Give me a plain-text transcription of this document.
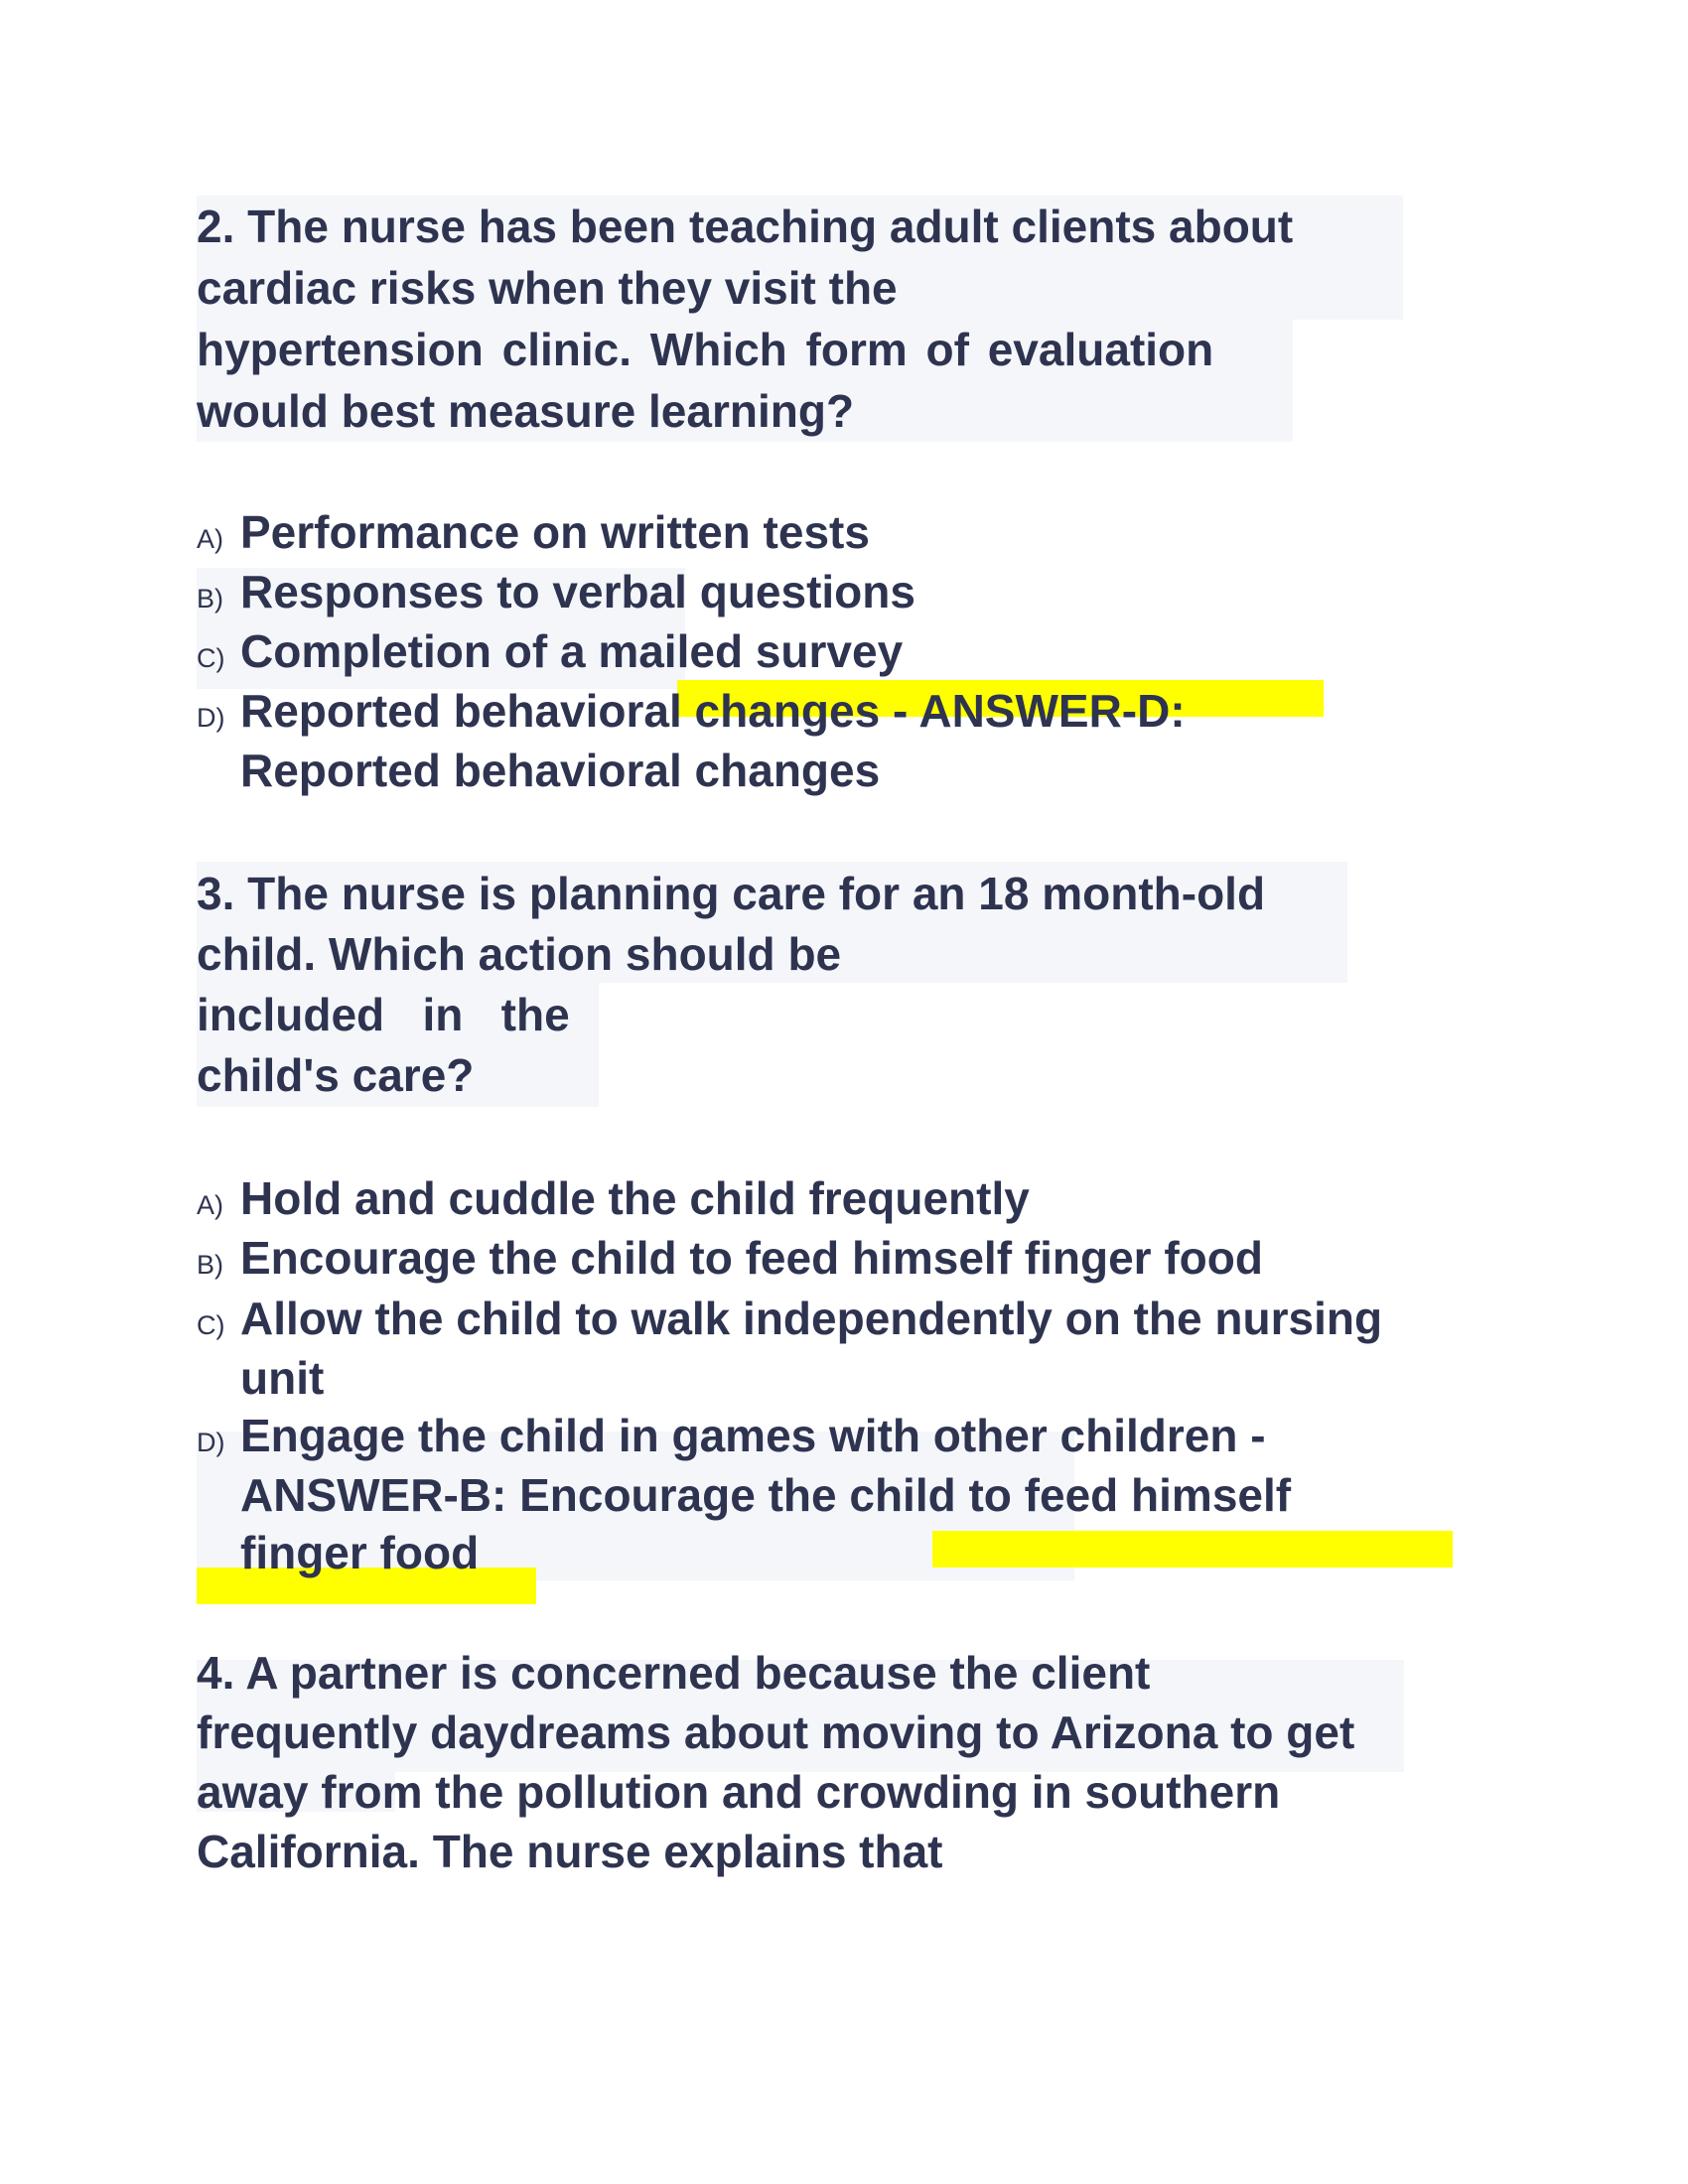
2. The nurse has been teaching adult clients about
cardiac risks when they visit the
hypertension clinic. Which form of evaluation
would best measure learning?
A) Performance on written tests
B) Responses to verbal questions
C) Completion of a mailed survey
D) Reported behavioral changes - ANSWER-D:
Reported behavioral changes
3. The nurse is planning care for an 18 month-old
child. Which action should be
included   in   the
child's care?
A) Hold and cuddle the child frequently
B) Encourage the child to feed himself finger food
C) Allow the child to walk independently on the nursing
unit
D) Engage the child in games with other children -
ANSWER-B: Encourage the child to feed himself
finger food
4. A partner is concerned because the client
frequently daydreams about moving to Arizona to get
away from the pollution and crowding in southern
California. The nurse explains that
